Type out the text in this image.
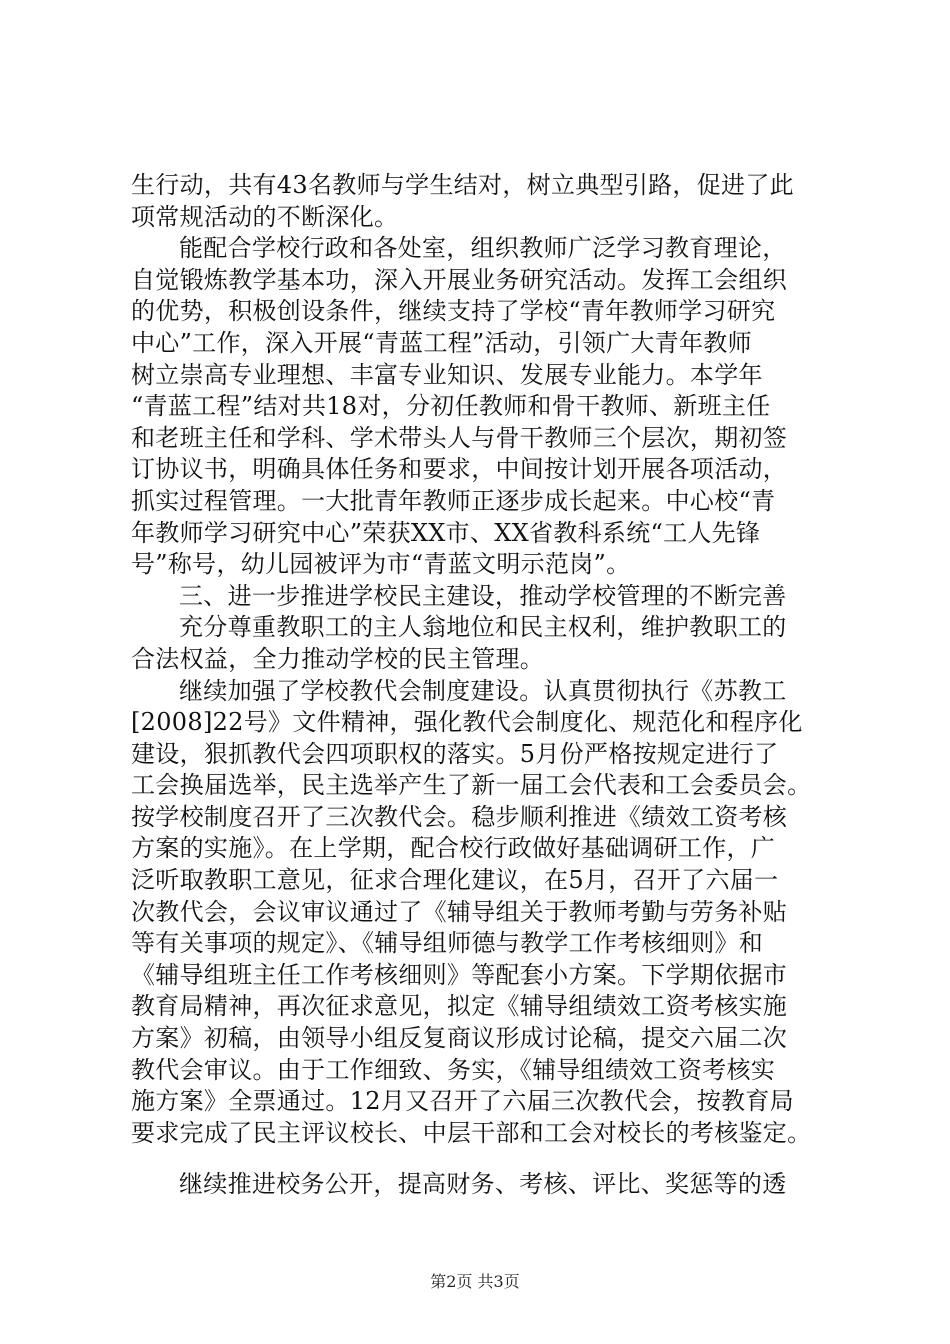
生行动，共有43名教师与学生结对，树立典型引路，促进了此
项常规活动的不断深化。
能配合学校行政和各处室，组织教师广泛学习教育理论，
自觉锻炼教学基本功，深入开展业务研究活动。发挥工会组织
的优势，积极创设条件，继续支持了学校“青年教师学习研究
中心”工作，深入开展“青蓝工程”活动，引领广大青年教师
树立崇高专业理想、丰富专业知识、发展专业能力。本学年
“青蓝工程”结对共18对，分初任教师和骨干教师、新班主任
和老班主任和学科、学术带头人与骨干教师三个层次，期初签
订协议书，明确具体任务和要求，中间按计划开展各项活动，
抓实过程管理。一大批青年教师正逐步成长起来。中心校“青
年教师学习研究中心”荣获XX市、XX省教科系统“工人先锋
号”称号，幼儿园被评为市“青蓝文明示范岗”。
三、进一步推进学校民主建设，推动学校管理的不断完善
充分尊重教职工的主人翁地位和民主权利，维护教职工的
合法权益，全力推动学校的民主管理。
继续加强了学校教代会制度建设。认真贯彻执行《苏教工
[2008]22号》文件精神，强化教代会制度化、规范化和程序化
建设，狠抓教代会四项职权的落实。5月份严格按规定进行了
工会换届选举，民主选举产生了新一届工会代表和工会委员会。
按学校制度召开了三次教代会。稳步顺利推进《绩效工资考核
方案的实施》。在上学期，配合校行政做好基础调研工作，广
泛听取教职工意见，征求合理化建议，在5月，召开了六届一
次教代会，会议审议通过了《辅导组关于教师考勤与劳务补贴
等有关事项的规定》、《辅导组师德与教学工作考核细则》和
《辅导组班主任工作考核细则》等配套小方案。下学期依据市
教育局精神，再次征求意见，拟定《辅导组绩效工资考核实施
方案》初稿，由领导小组反复商议形成讨论稿，提交六届二次
教代会审议。由于工作细致、务实，《辅导组绩效工资考核实
施方案》全票通过。12月又召开了六届三次教代会，按教育局
要求完成了民主评议校长、中层干部和工会对校长的考核鉴定。
继续推进校务公开，提高财务、考核、评比、奖惩等的透
第2页 共3页
